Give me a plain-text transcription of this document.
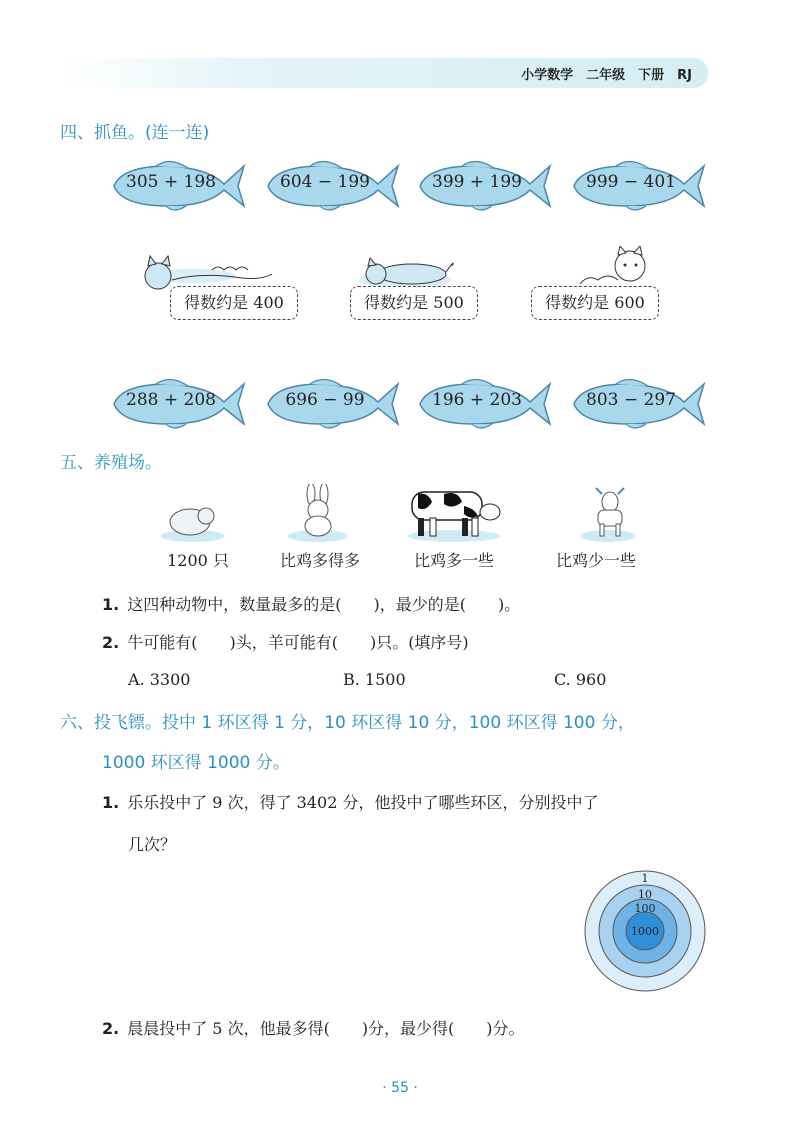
小学数学　二年级　下册　RJ
四、抓鱼。(连一连)
305 + 198	604 − 199	399 + 199	999 − 401
得数约是 400	得数约是 500	得数约是 600
288 + 208	696 − 99	196 + 203	803 − 297
五、养殖场。
1200 只	比鸡多得多	比鸡多一些	比鸡少一些
1. 这四种动物中，数量最多的是(　　)，最少的是(　　)。
2. 牛可能有(　　)头，羊可能有(　　)只。(填序号)
A. 3300	B. 1500	C. 960
六、投飞镖。投中 1 环区得 1 分，10 环区得 10 分，100 环区得 100 分，
1000 环区得 1000 分。
1. 乐乐投中了 9 次，得了 3402 分，他投中了哪些环区，分别投中了
几次？
1
10
100
1000
2. 晨晨投中了 5 次，他最多得(　　)分，最少得(　　)分。
· 55 ·
